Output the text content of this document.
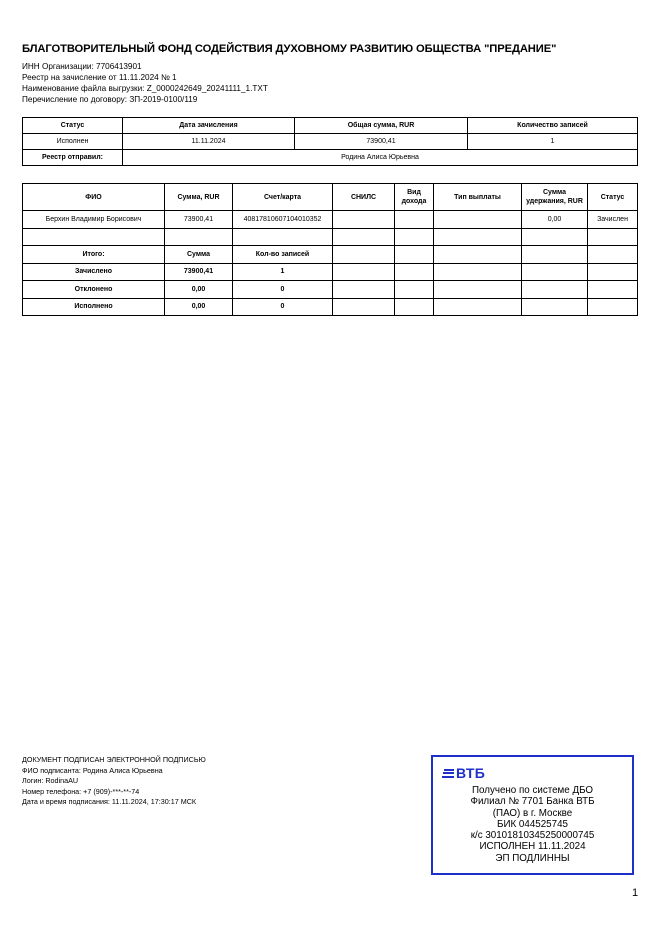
БЛАГОТВОРИТЕЛЬНЫЙ ФОНД СОДЕЙСТВИЯ ДУХОВНОМУ РАЗВИТИЮ ОБЩЕСТВА "ПРЕДАНИЕ"
ИНН Организации: 7706413901
Реестр на зачисление от 11.11.2024 № 1
Наименование файла выгрузки: Z_0000242649_20241111_1.TXT
Перечисление по договору: ЗП-2019-0100/119
Статус	Дата зачисления	Общая сумма, RUR	Количество записей
Исполнен	11.11.2024	73900,41	1
Реестр отправил:	Родина Алиса Юрьевна		
ФИО	Сумма, RUR	Счет/карта	СНИЛС	Вид дохода	Тип выплаты	Сумма удержания, RUR	Статус
Берхин Владимир Борисович	73900,41	40817810607104010352				0,00	Зачислен

Итого:	Сумма	Кол-во записей					
Зачислено	73900,41	1					
Отклонено	0,00	0					
Исполнено	0,00	0					
ДОКУМЕНТ ПОДПИСАН ЭЛЕКТРОННОЙ ПОДПИСЬЮ
ФИО подписанта: Родина Алиса Юрьевна
Логин: RodinaAU
Номер телефона: +7 (909)-***-**-74
Дата и время подписания: 11.11.2024, 17:30:17 МСК
ВТБ
Получено по системе ДБО
Филиал № 7701 Банка ВТБ
(ПАО) в г. Москве
БИК 044525745
к/с 30101810345250000745
ИСПОЛНЕН 11.11.2024
ЭП ПОДЛИННЫ
1
